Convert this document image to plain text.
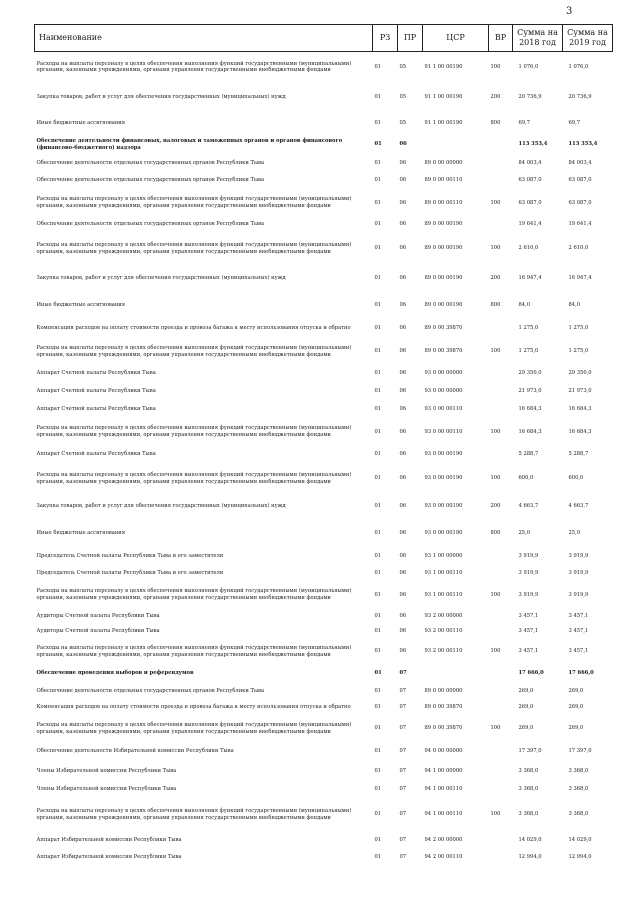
3
Наименование	РЗ	ПР	ЦСР	ВР	Сумма на 2018 год	Сумма на 2019 год
Расходы на выплаты персоналу в целях обеспечения выполнения функций государственными (муниципальными) органами, казенными учреждениями, органами управления государственными внебюджетными фондами	01	05	91 1 00 00190	100	1 076,0	1 076,0
Закупка товаров, работ и услуг для обеспечения государственных (муниципальных) нужд	01	05	91 1 00 00190	200	20 736,9	20 736,9
Иные бюджетные ассигнования	01	05	91 1 00 00190	800	69,7	69,7
Обеспечение деятельности финансовых, налоговых и таможенных органов и органов финансового (финансово-бюджетного) надзора	01	06			113 353,4	113 353,4
Обеспечение деятельности отдельных государственных органов Республики Тыва	01	06	89 0 00 00000		84 003,4	84 003,4
Обеспечение деятельности отдельных государственных органов Республики Тыва	01	06	89 0 00 00110		63 087,0	63 087,0
Расходы на выплаты персоналу в целях обеспечения выполнения функций государственными (муниципальными) органами, казенными учреждениями, органами управления государственными внебюджетными фондами	01	06	89 0 00 00110	100	63 087,0	63 087,0
Обеспечение деятельности отдельных государственных органов Республики Тыва	01	06	89 0 00 00190		19 641,4	19 641,4
Расходы на выплаты персоналу в целях обеспечения выполнения функций государственными (муниципальными) органами, казенными учреждениями, органами управления государственными внебюджетными фондами	01	06	89 0 00 00190	100	2 610,0	2 610,0
Закупка товаров, работ и услуг для обеспечения государственных (муниципальных) нужд	01	06	89 0 00 00190	200	16 947,4	16 947,4
Иные бюджетные ассигнования	01	06	89 0 00 00190	800	84,0	84,0
Компенсация расходов на оплату стоимости проезда и провоза багажа к месту использования отпуска и обратно	01	06	89 0 00 39870		1 275,0	1 275,0
Расходы на выплаты персоналу в целях обеспечения выполнения функций государственными (муниципальными) органами, казенными учреждениями, органами управления государственными внебюджетными фондами	01	06	89 0 00 39870	100	1 275,0	1 275,0
Аппарат Счетной палаты Республики Тыва	01	06	93 0 00 00000		29 350,0	29 350,0
Аппарат Счетной палаты Республики Тыва	01	06	93 0 00 00000		21 973,0	21 973,0
Аппарат Счетной палаты Республики Тыва	01	06	93 0 00 00110		16 684,3	16 684,3
Расходы на выплаты персоналу в целях обеспечения выполнения функций государственными (муниципальными) органами, казенными учреждениями, органами управления государственными внебюджетными фондами	01	06	93 0 00 00110	100	16 684,3	16 684,3
Аппарат Счетной палаты Республики Тыва	01	06	93 0 00 00190		5 288,7	5 288,7
Расходы на выплаты персоналу в целях обеспечения выполнения функций государственными (муниципальными) органами, казенными учреждениями, органами управления государственными внебюджетными фондами	01	06	93 0 00 00190	100	600,0	600,0
Закупка товаров, работ и услуг для обеспечения государственных (муниципальных) нужд	01	06	93 0 00 00190	200	4 663,7	4 663,7
Иные бюджетные ассигнования	01	06	93 0 00 00190	800	25,0	25,0
Председатель Счетной палаты Республики Тыва и его заместители	01	06	93 1 00 00000		3 919,9	3 919,9
Председатель Счетной палаты Республики Тыва и его заместители	01	06	93 1 00 00110		3 919,9	3 919,9
Расходы на выплаты персоналу в целях обеспечения выполнения функций государственными (муниципальными) органами, казенными учреждениями, органами управления государственными внебюджетными фондами	01	06	93 1 00 00110	100	3 919,9	3 919,9
Аудиторы Счетной палаты Республики Тыва	01	06	93 2 00 00000		3 457,1	3 457,1
Аудиторы Счетной палаты Республики Тыва	01	06	93 2 00 00110		3 457,1	3 457,1
Расходы на выплаты персоналу в целях обеспечения выполнения функций государственными (муниципальными) органами, казенными учреждениями, органами управления государственными внебюджетными фондами	01	06	93 2 00 00110	100	3 457,1	3 457,1
Обеспечение проведения выборов и референдумов	01	07			17 666,0	17 666,0
Обеспечение деятельности отдельных государственных органов Республики Тыва	01	07	89 0 00 00000		269,0	269,0
Компенсация расходов на оплату стоимости проезда и провоза багажа к месту использования отпуска и обратно	01	07	89 0 00 39870		269,0	269,0
Расходы на выплаты персоналу в целях обеспечения выполнения функций государственными (муниципальными) органами, казенными учреждениями, органами управления государственными внебюджетными фондами	01	07	89 0 00 39870	100	269,0	269,0
Обеспечение деятельности Избирательной комиссии Республики Тыва	01	07	94 0 00 00000		17 397,0	17 397,0
Члены Избирательной комиссии Республики Тыва	01	07	94 1 00 00000		3 368,0	3 368,0
Члены Избирательной комиссии Республики Тыва	01	07	94 1 00 00110		3 368,0	3 368,0
Расходы на выплаты персоналу в целях обеспечения выполнения функций государственными (муниципальными) органами, казенными учреждениями, органами управления государственными внебюджетными фондами	01	07	94 1 00 00110	100	3 368,0	3 368,0
Аппарат Избирательной комиссии Республики Тыва	01	07	94 2 00 00000		14 029,0	14 029,0
Аппарат Избирательной комиссии Республики Тыва	01	07	94 2 00 00110		12 994,0	12 994,0
